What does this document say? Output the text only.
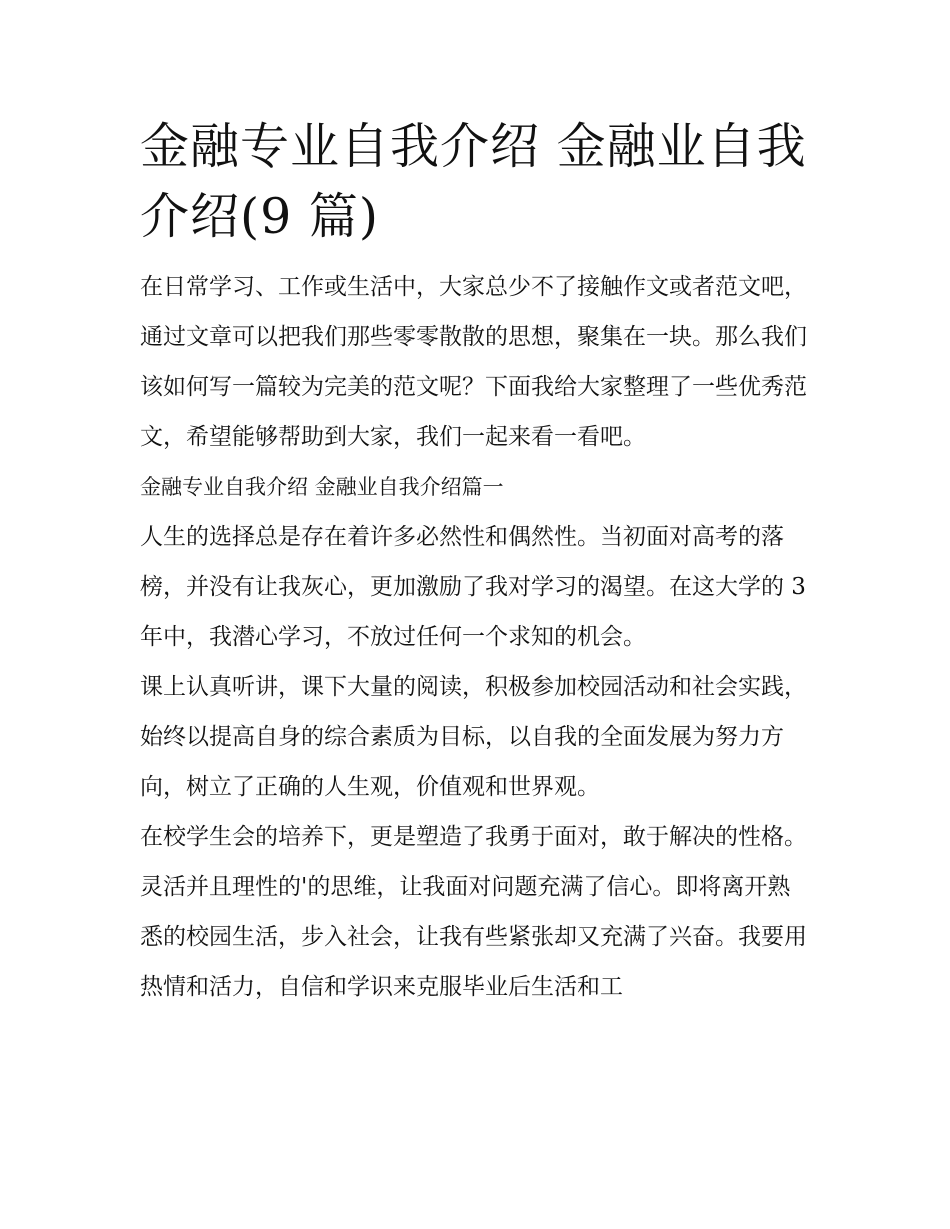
金融专业自我介绍 金融业自我介绍(9 篇)

在日常学习、工作或生活中，大家总少不了接触作文或者范文吧，通过文章可以把我们那些零零散散的思想，聚集在一块。那么我们该如何写一篇较为完美的范文呢？下面我给大家整理了一些优秀范文，希望能够帮助到大家，我们一起来看一看吧。

金融专业自我介绍 金融业自我介绍篇一

人生的选择总是存在着许多必然性和偶然性。当初面对高考的落榜，并没有让我灰心，更加激励了我对学习的渴望。在这大学的 3 年中，我潜心学习，不放过任何一个求知的机会。

课上认真听讲，课下大量的阅读，积极参加校园活动和社会实践，始终以提高自身的综合素质为目标，以自我的全面发展为努力方向，树立了正确的人生观，价值观和世界观。

在校学生会的培养下，更是塑造了我勇于面对，敢于解决的性格。灵活并且理性的'的思维，让我面对问题充满了信心。即将离开熟悉的校园生活，步入社会，让我有些紧张却又充满了兴奋。我要用热情和活力，自信和学识来克服毕业后生活和工
